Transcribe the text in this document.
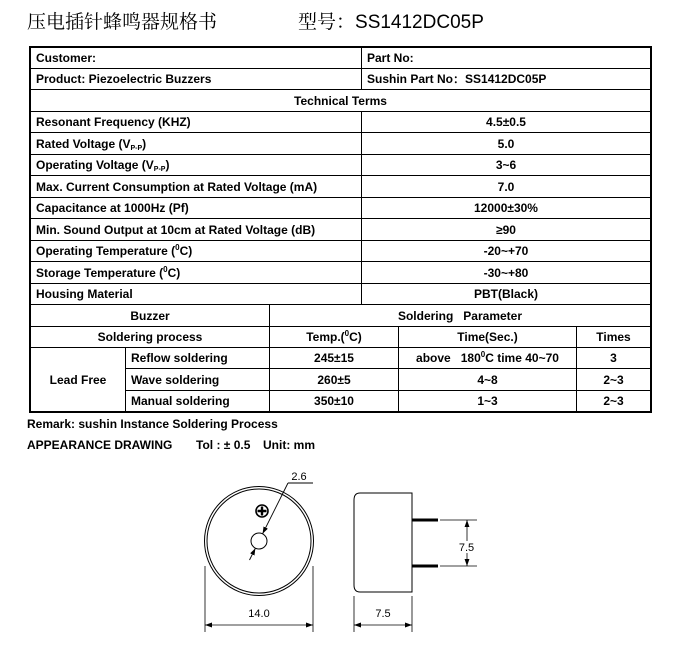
压电插针蜂鸣器规格书	型号：SS1412DC05P
Customer:	Part No:
Product: Piezoelectric Buzzers	Sushin Part No：SS1412DC05P
Technical Terms
Resonant Frequency (KHZ)	4.5±0.5
Rated Voltage $(V_{P-P})$	5.0
Operating Voltage $(V_{P-P})$	3~6
Max. Current Consumption at Rated Voltage (mA)	7.0
Capacitance at 1000Hz (Pf)	12000±30%
Min. Sound Output at 10cm at Rated Voltage (dB)	≥90
Operating Temperature ($^0$C)	-20~+70
Storage Temperature ($^0$C)	-30~+80
Housing Material	PBT(Black)
Buzzer	Soldering   Parameter
Soldering process	Temp.($^0$C)	Time(Sec.)	Times
Lead Free
Reflow soldering	245±15	above   $180^0C$ time 40~70	3
Wave soldering	260±5	4~8	2~3
Manual soldering	350±10	1~3	2~3
Remark: sushin Instance Soldering Process
APPEARANCE DRAWING Tol : ± 0.5 Unit: mm
2.6
14.0
7.5
7.5
